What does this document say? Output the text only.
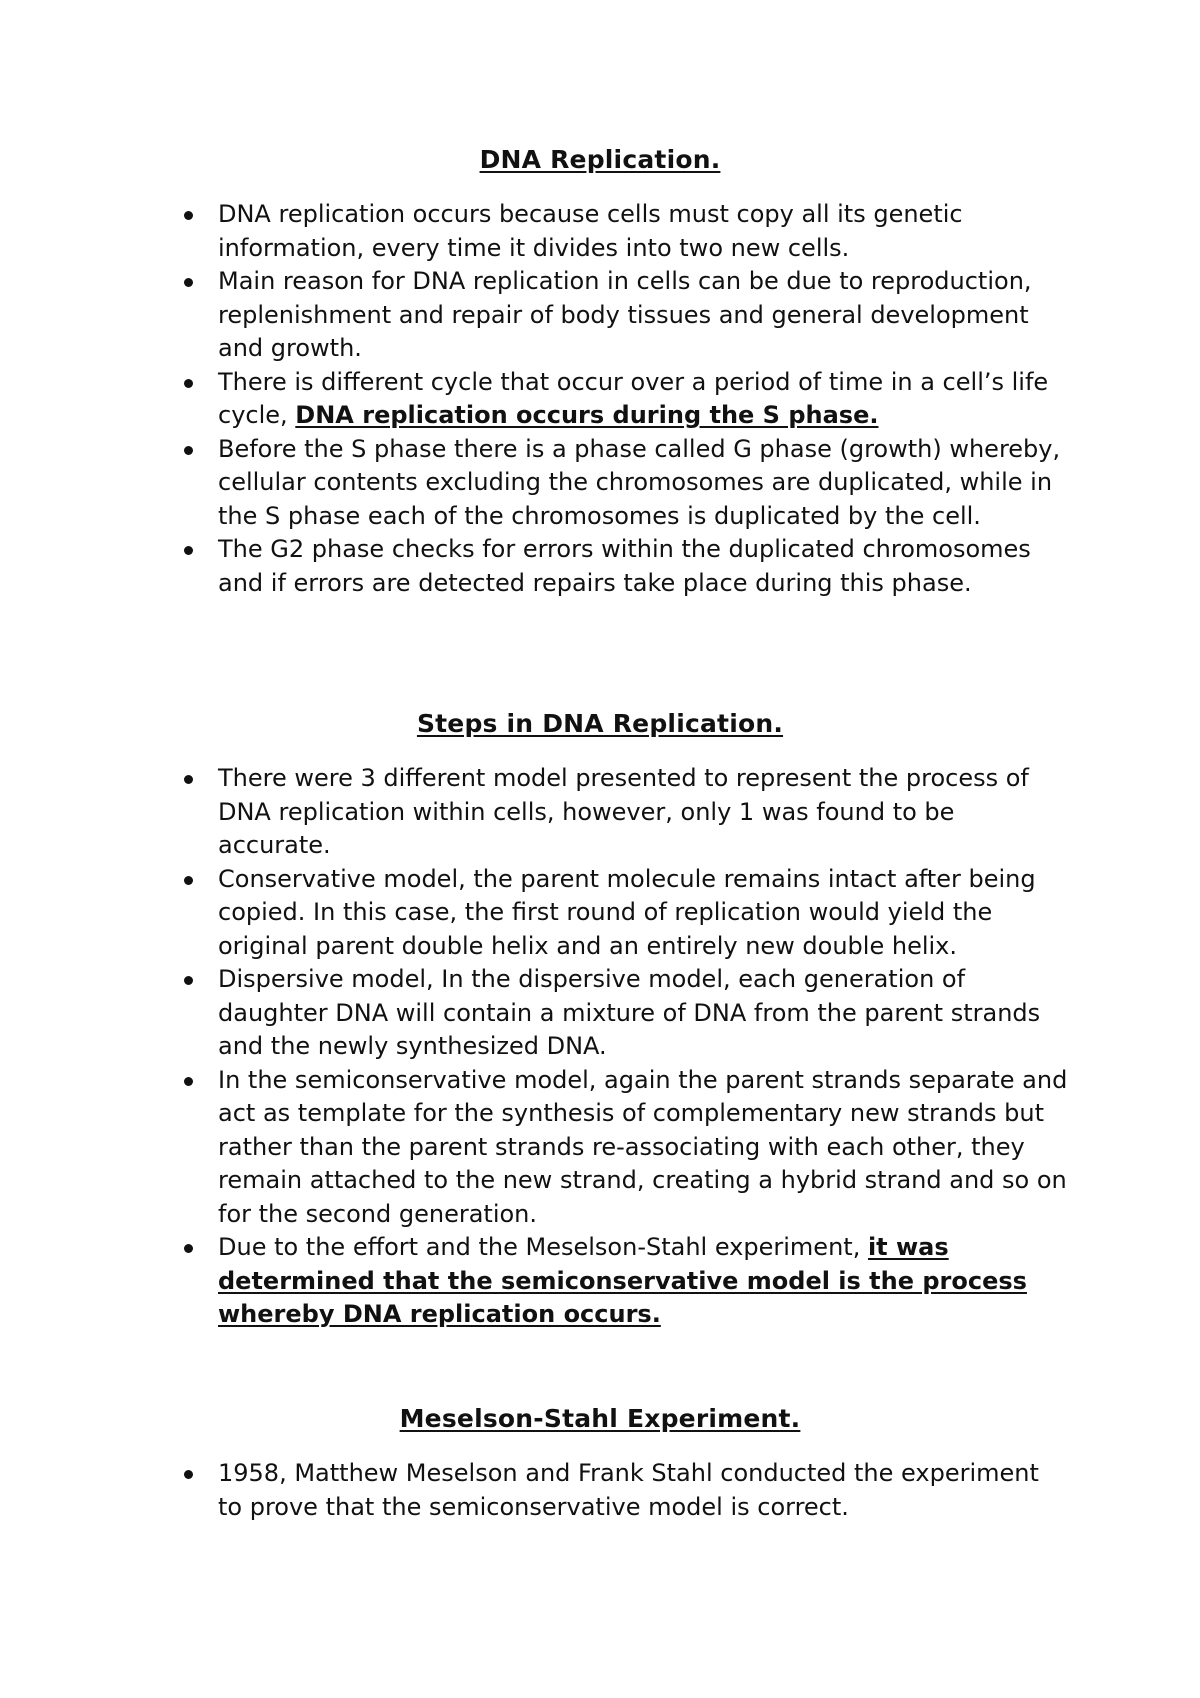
DNA Replication.
DNA replication occurs because cells must copy all its genetic information, every time it divides into two new cells.
Main reason for DNA replication in cells can be due to reproduction, replenishment and repair of body tissues and general development and growth.
There is different cycle that occur over a period of time in a cell’s life cycle, DNA replication occurs during the S phase.
Before the S phase there is a phase called G phase (growth) whereby, cellular contents excluding the chromosomes are duplicated, while in the S phase each of the chromosomes is duplicated by the cell.
The G2 phase checks for errors within the duplicated chromosomes and if errors are detected repairs take place during this phase.
Steps in DNA Replication.
There were 3 different model presented to represent the process of DNA replication within cells, however, only 1 was found to be accurate.
Conservative model, the parent molecule remains intact after being copied. In this case, the first round of replication would yield the original parent double helix and an entirely new double helix.
Dispersive model, In the dispersive model, each generation of daughter DNA will contain a mixture of DNA from the parent strands and the newly synthesized DNA.
In the semiconservative model, again the parent strands separate and act as template for the synthesis of complementary new strands but rather than the parent strands re-associating with each other, they remain attached to the new strand, creating a hybrid strand and so on for the second generation.
Due to the effort and the Meselson-Stahl experiment, it was determined that the semiconservative model is the process whereby DNA replication occurs.
Meselson-Stahl Experiment.
1958, Matthew Meselson and Frank Stahl conducted the experiment to prove that the semiconservative model is correct.
